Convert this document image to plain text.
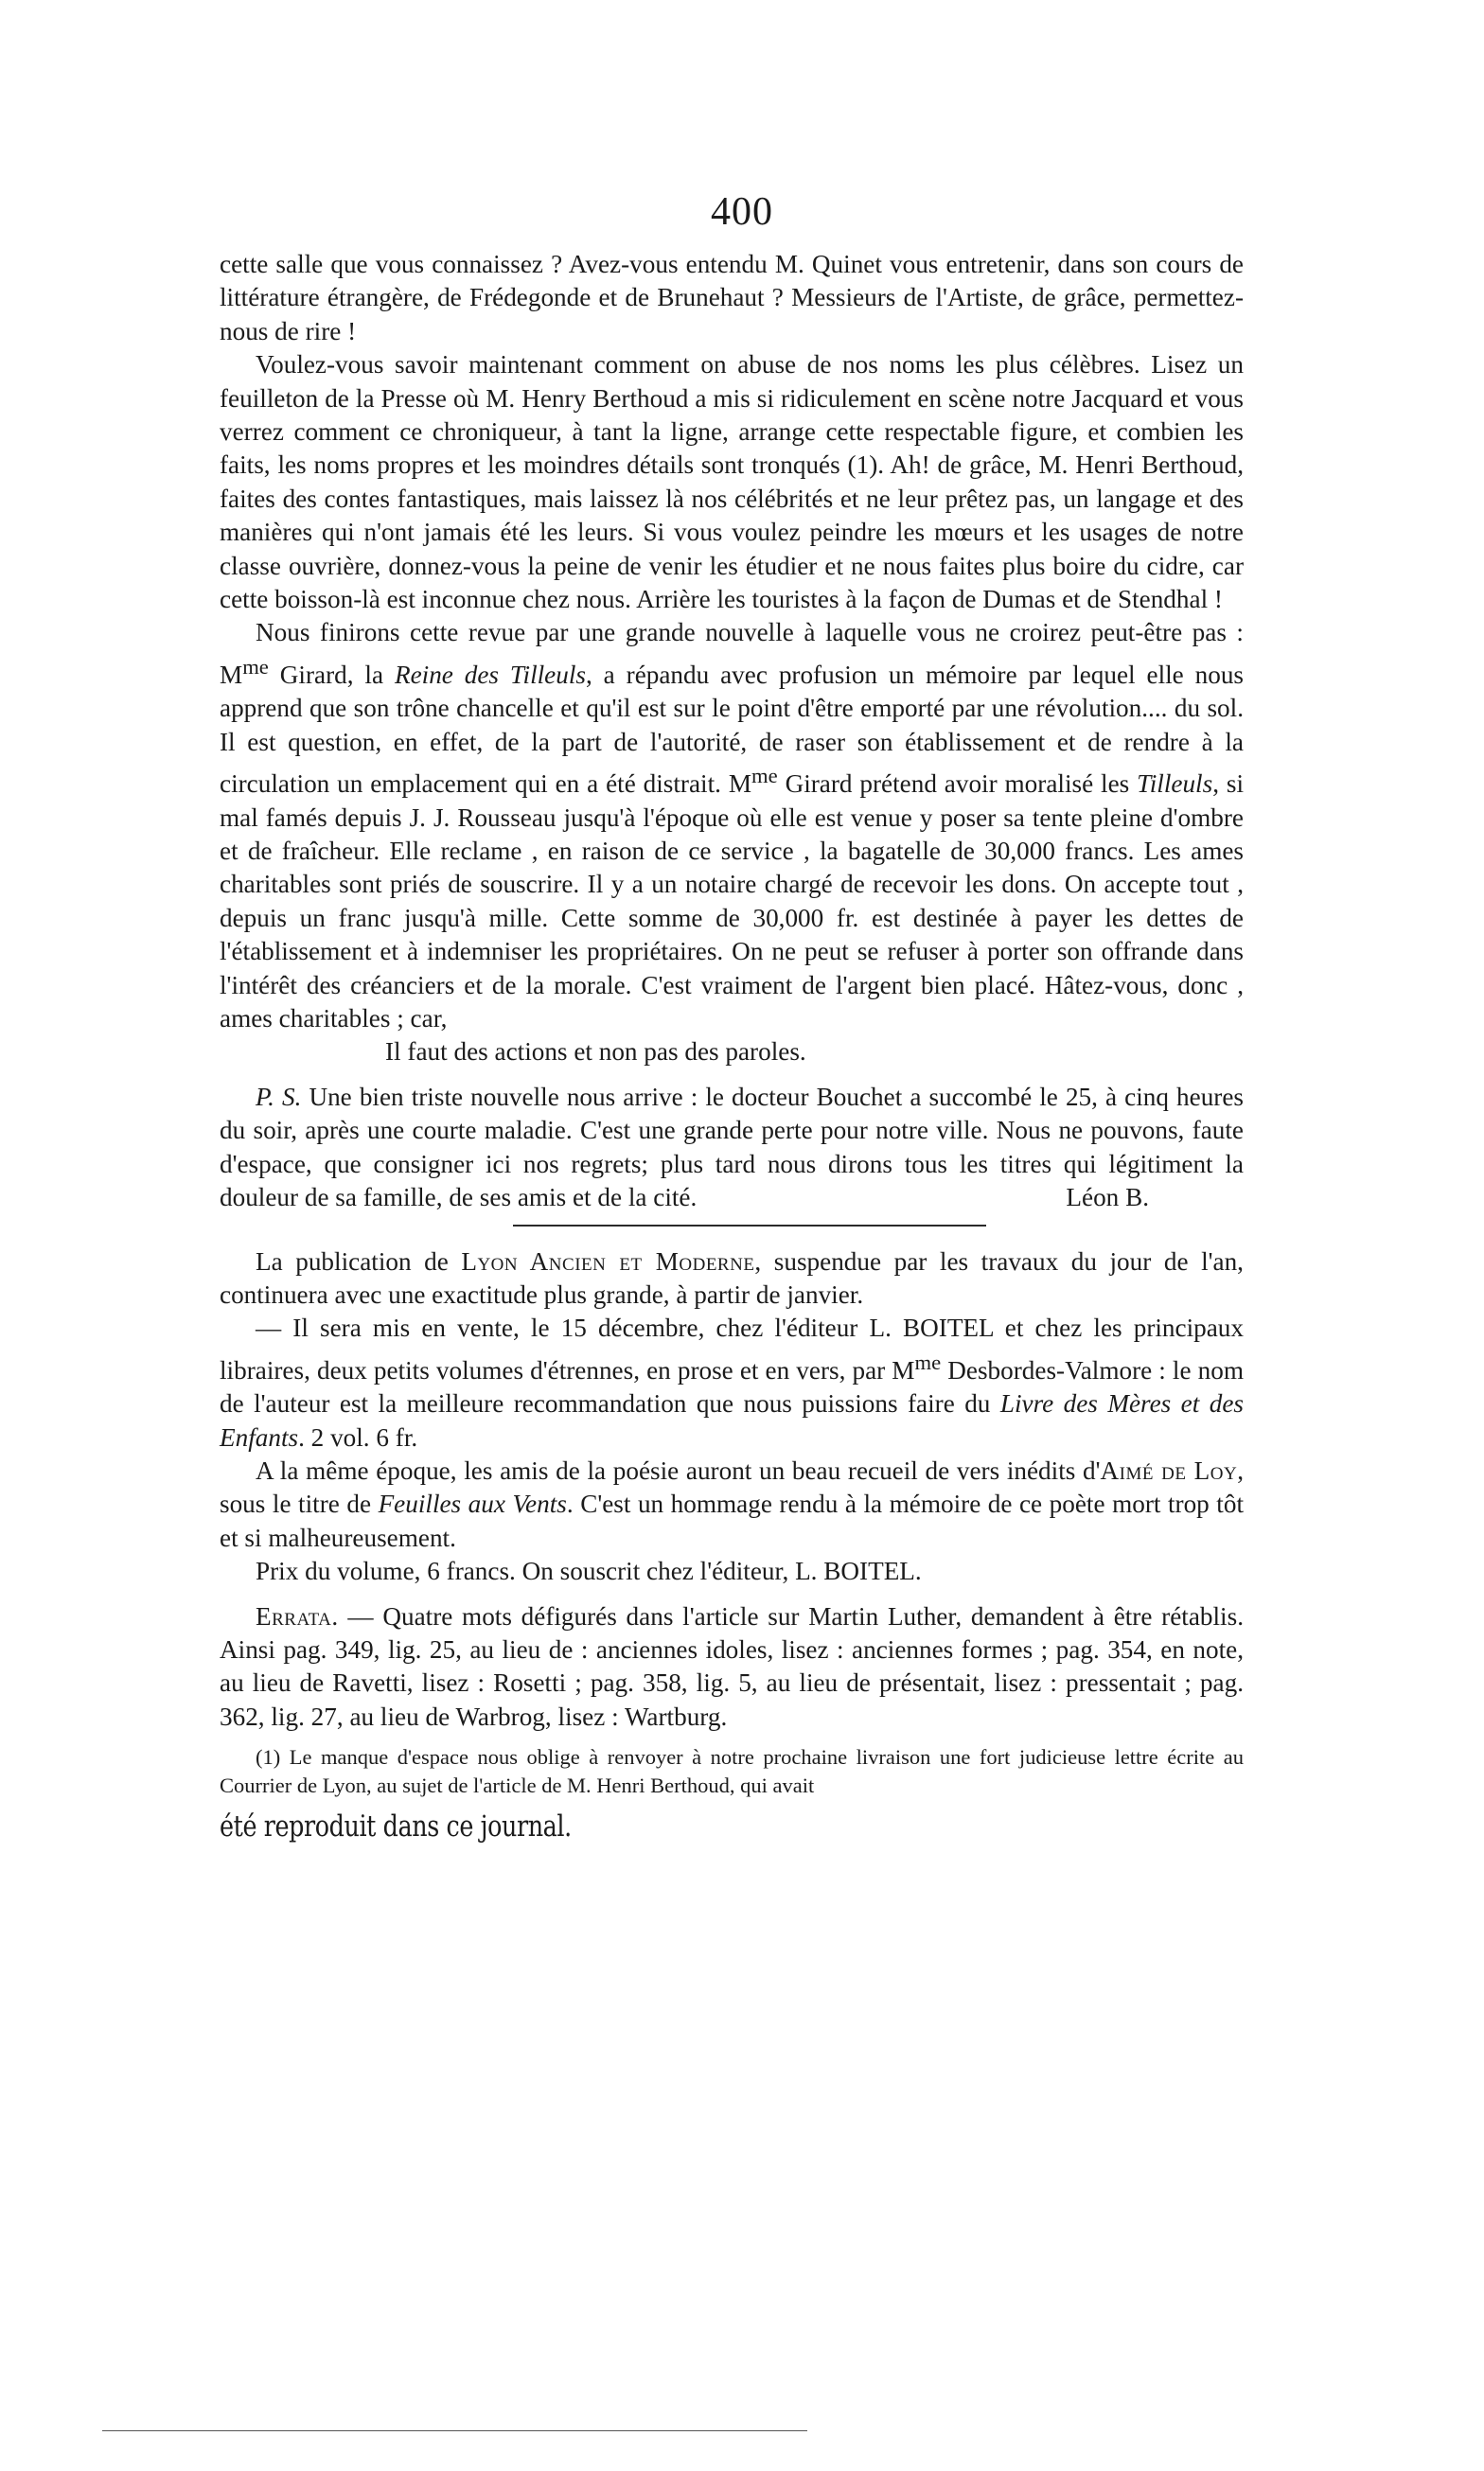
400

cette salle que vous connaissez ? Avez-vous entendu M. Quinet vous entretenir, dans son cours de littérature étrangère, de Frédegonde et de Brunehaut ? Messieurs de l'Artiste, de grâce, permettez-nous de rire !

Voulez-vous savoir maintenant comment on abuse de nos noms les plus célèbres. Lisez un feuilleton de la Presse où M. Henry Berthoud a mis si ridiculement en scène notre Jacquard et vous verrez comment ce chroniqueur, à tant la ligne, arrange cette respectable figure, et combien les faits, les noms propres et les moindres détails sont tronqués (1). Ah! de grâce, M. Henri Berthoud, faites des contes fantastiques, mais laissez là nos célébrités et ne leur prêtez pas, un langage et des manières qui n'ont jamais été les leurs. Si vous voulez peindre les mœurs et les usages de notre classe ouvrière, donnez-vous la peine de venir les étudier et ne nous faites plus boire du cidre, car cette boisson-là est inconnue chez nous. Arrière les touristes à la façon de Dumas et de Stendhal !

Nous finirons cette revue par une grande nouvelle à laquelle vous ne croirez peut-être pas : $M^{me}$ Girard, la Reine des Tilleuls, a répandu avec profusion un mémoire par lequel elle nous apprend que son trône chancelle et qu'il est sur le point d'être emporté par une révolution.... du sol. Il est question, en effet, de la part de l'autorité, de raser son établissement et de rendre à la circulation un emplacement qui en a été distrait. $M^{me}$ Girard prétend avoir moralisé les Tilleuls, si mal famés depuis J. J. Rousseau jusqu'à l'époque où elle est venue y poser sa tente pleine d'ombre et de fraîcheur. Elle reclame , en raison de ce service , la bagatelle de 30,000 francs. Les ames charitables sont priés de souscrire. Il y a un notaire chargé de recevoir les dons. On accepte tout , depuis un franc jusqu'à mille. Cette somme de 30,000 fr. est destinée à payer les dettes de l'établissement et à indemniser les propriétaires. On ne peut se refuser à porter son offrande dans l'intérêt des créanciers et de la morale. C'est vraiment de l'argent bien placé. Hâtez-vous, donc , ames charitables ; car,

Il faut des actions et non pas des paroles.

P. S. Une bien triste nouvelle nous arrive : le docteur Bouchet a succombé le 25, à cinq heures du soir, après une courte maladie. C'est une grande perte pour notre ville. Nous ne pouvons, faute d'espace, que consigner ici nos regrets; plus tard nous dirons tous les titres qui légitiment la douleur de sa famille, de ses amis et de la cité.	Léon B.

La publication de Lyon Ancien et Moderne, suspendue par les travaux du jour de l'an, continuera avec une exactitude plus grande, à partir de janvier.

— Il sera mis en vente, le 15 décembre, chez l'éditeur L. BOITEL et chez les principaux libraires, deux petits volumes d'étrennes, en prose et en vers, par $M^{me}$ Desbordes-Valmore : le nom de l'auteur est la meilleure recommandation que nous puissions faire du Livre des Mères et des Enfants. 2 vol. 6 fr.

A la même époque, les amis de la poésie auront un beau recueil de vers inédits d'Aimé de Loy, sous le titre de Feuilles aux Vents. C'est un hommage rendu à la mémoire de ce poète mort trop tôt et si malheureusement.

Prix du volume, 6 francs. On souscrit chez l'éditeur, L. BOITEL.

Errata. — Quatre mots défigurés dans l'article sur Martin Luther, demandent à être rétablis. Ainsi pag. 349, lig. 25, au lieu de : anciennes idoles, lisez : anciennes formes ; pag. 354, en note, au lieu de Ravetti, lisez : Rosetti ; pag. 358, lig. 5, au lieu de présentait, lisez : pressentait ; pag. 362, lig. 27, au lieu de Warbrog, lisez : Wartburg.

(1) Le manque d'espace nous oblige à renvoyer à notre prochaine livraison une fort judicieuse lettre écrite au Courrier de Lyon, au sujet de l'article de M. Henri Berthoud, qui avait

été reproduit dans ce journal.
